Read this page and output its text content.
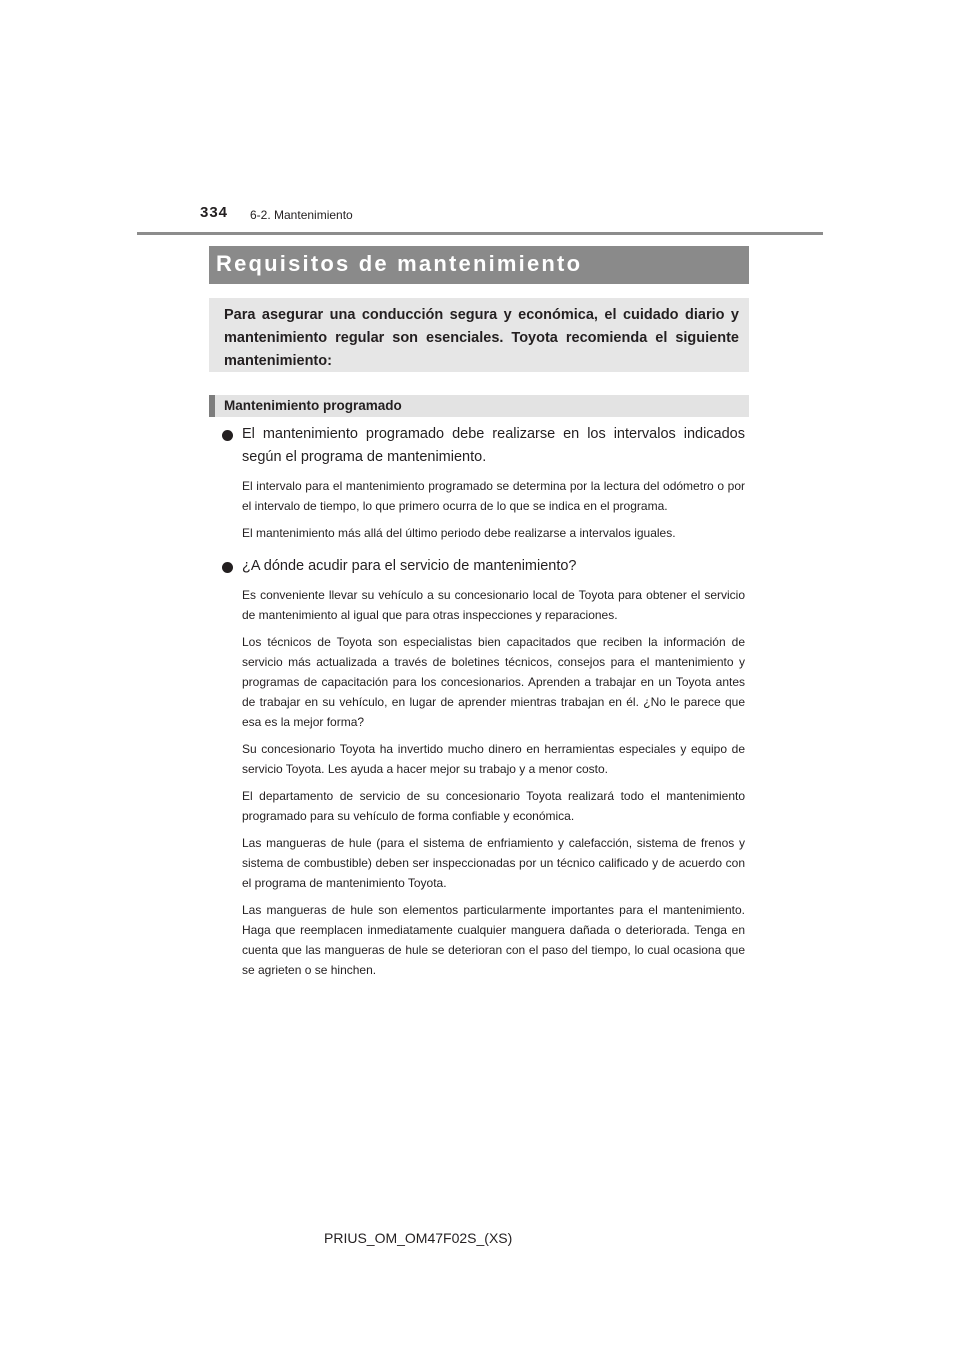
334 6-2. Mantenimiento
Requisitos de mantenimiento
Para asegurar una conducción segura y económica, el cuidado diario y mantenimiento regular son esenciales. Toyota recomienda el siguiente mantenimiento:
Mantenimiento programado

El mantenimiento programado debe realizarse en los intervalos indicados según el programa de mantenimiento.

El intervalo para el mantenimiento programado se determina por la lectura del odómetro o por el intervalo de tiempo, lo que primero ocurra de lo que se indica en el programa.

El mantenimiento más allá del último periodo debe realizarse a intervalos iguales.

¿A dónde acudir para el servicio de mantenimiento?

Es conveniente llevar su vehículo a su concesionario local de Toyota para obtener el servicio de mantenimiento al igual que para otras inspecciones y reparaciones.

Los técnicos de Toyota son especialistas bien capacitados que reciben la información de servicio más actualizada a través de boletines técnicos, consejos para el mantenimiento y programas de capacitación para los concesionarios. Aprenden a trabajar en un Toyota antes de trabajar en su vehículo, en lugar de aprender mientras trabajan en él. ¿No le parece que esa es la mejor forma?

Su concesionario Toyota ha invertido mucho dinero en herramientas especiales y equipo de servicio Toyota. Les ayuda a hacer mejor su trabajo y a menor costo.

El departamento de servicio de su concesionario Toyota realizará todo el mantenimiento programado para su vehículo de forma confiable y económica.

Las mangueras de hule (para el sistema de enfriamiento y calefacción, sistema de frenos y sistema de combustible) deben ser inspeccionadas por un técnico calificado y de acuerdo con el programa de mantenimiento Toyota.

Las mangueras de hule son elementos particularmente importantes para el mantenimiento. Haga que reemplacen inmediatamente cualquier manguera dañada o deteriorada. Tenga en cuenta que las mangueras de hule se deterioran con el paso del tiempo, lo cual ocasiona que se agrieten o se hinchen.

PRIUS_OM_OM47F02S_(XS)
